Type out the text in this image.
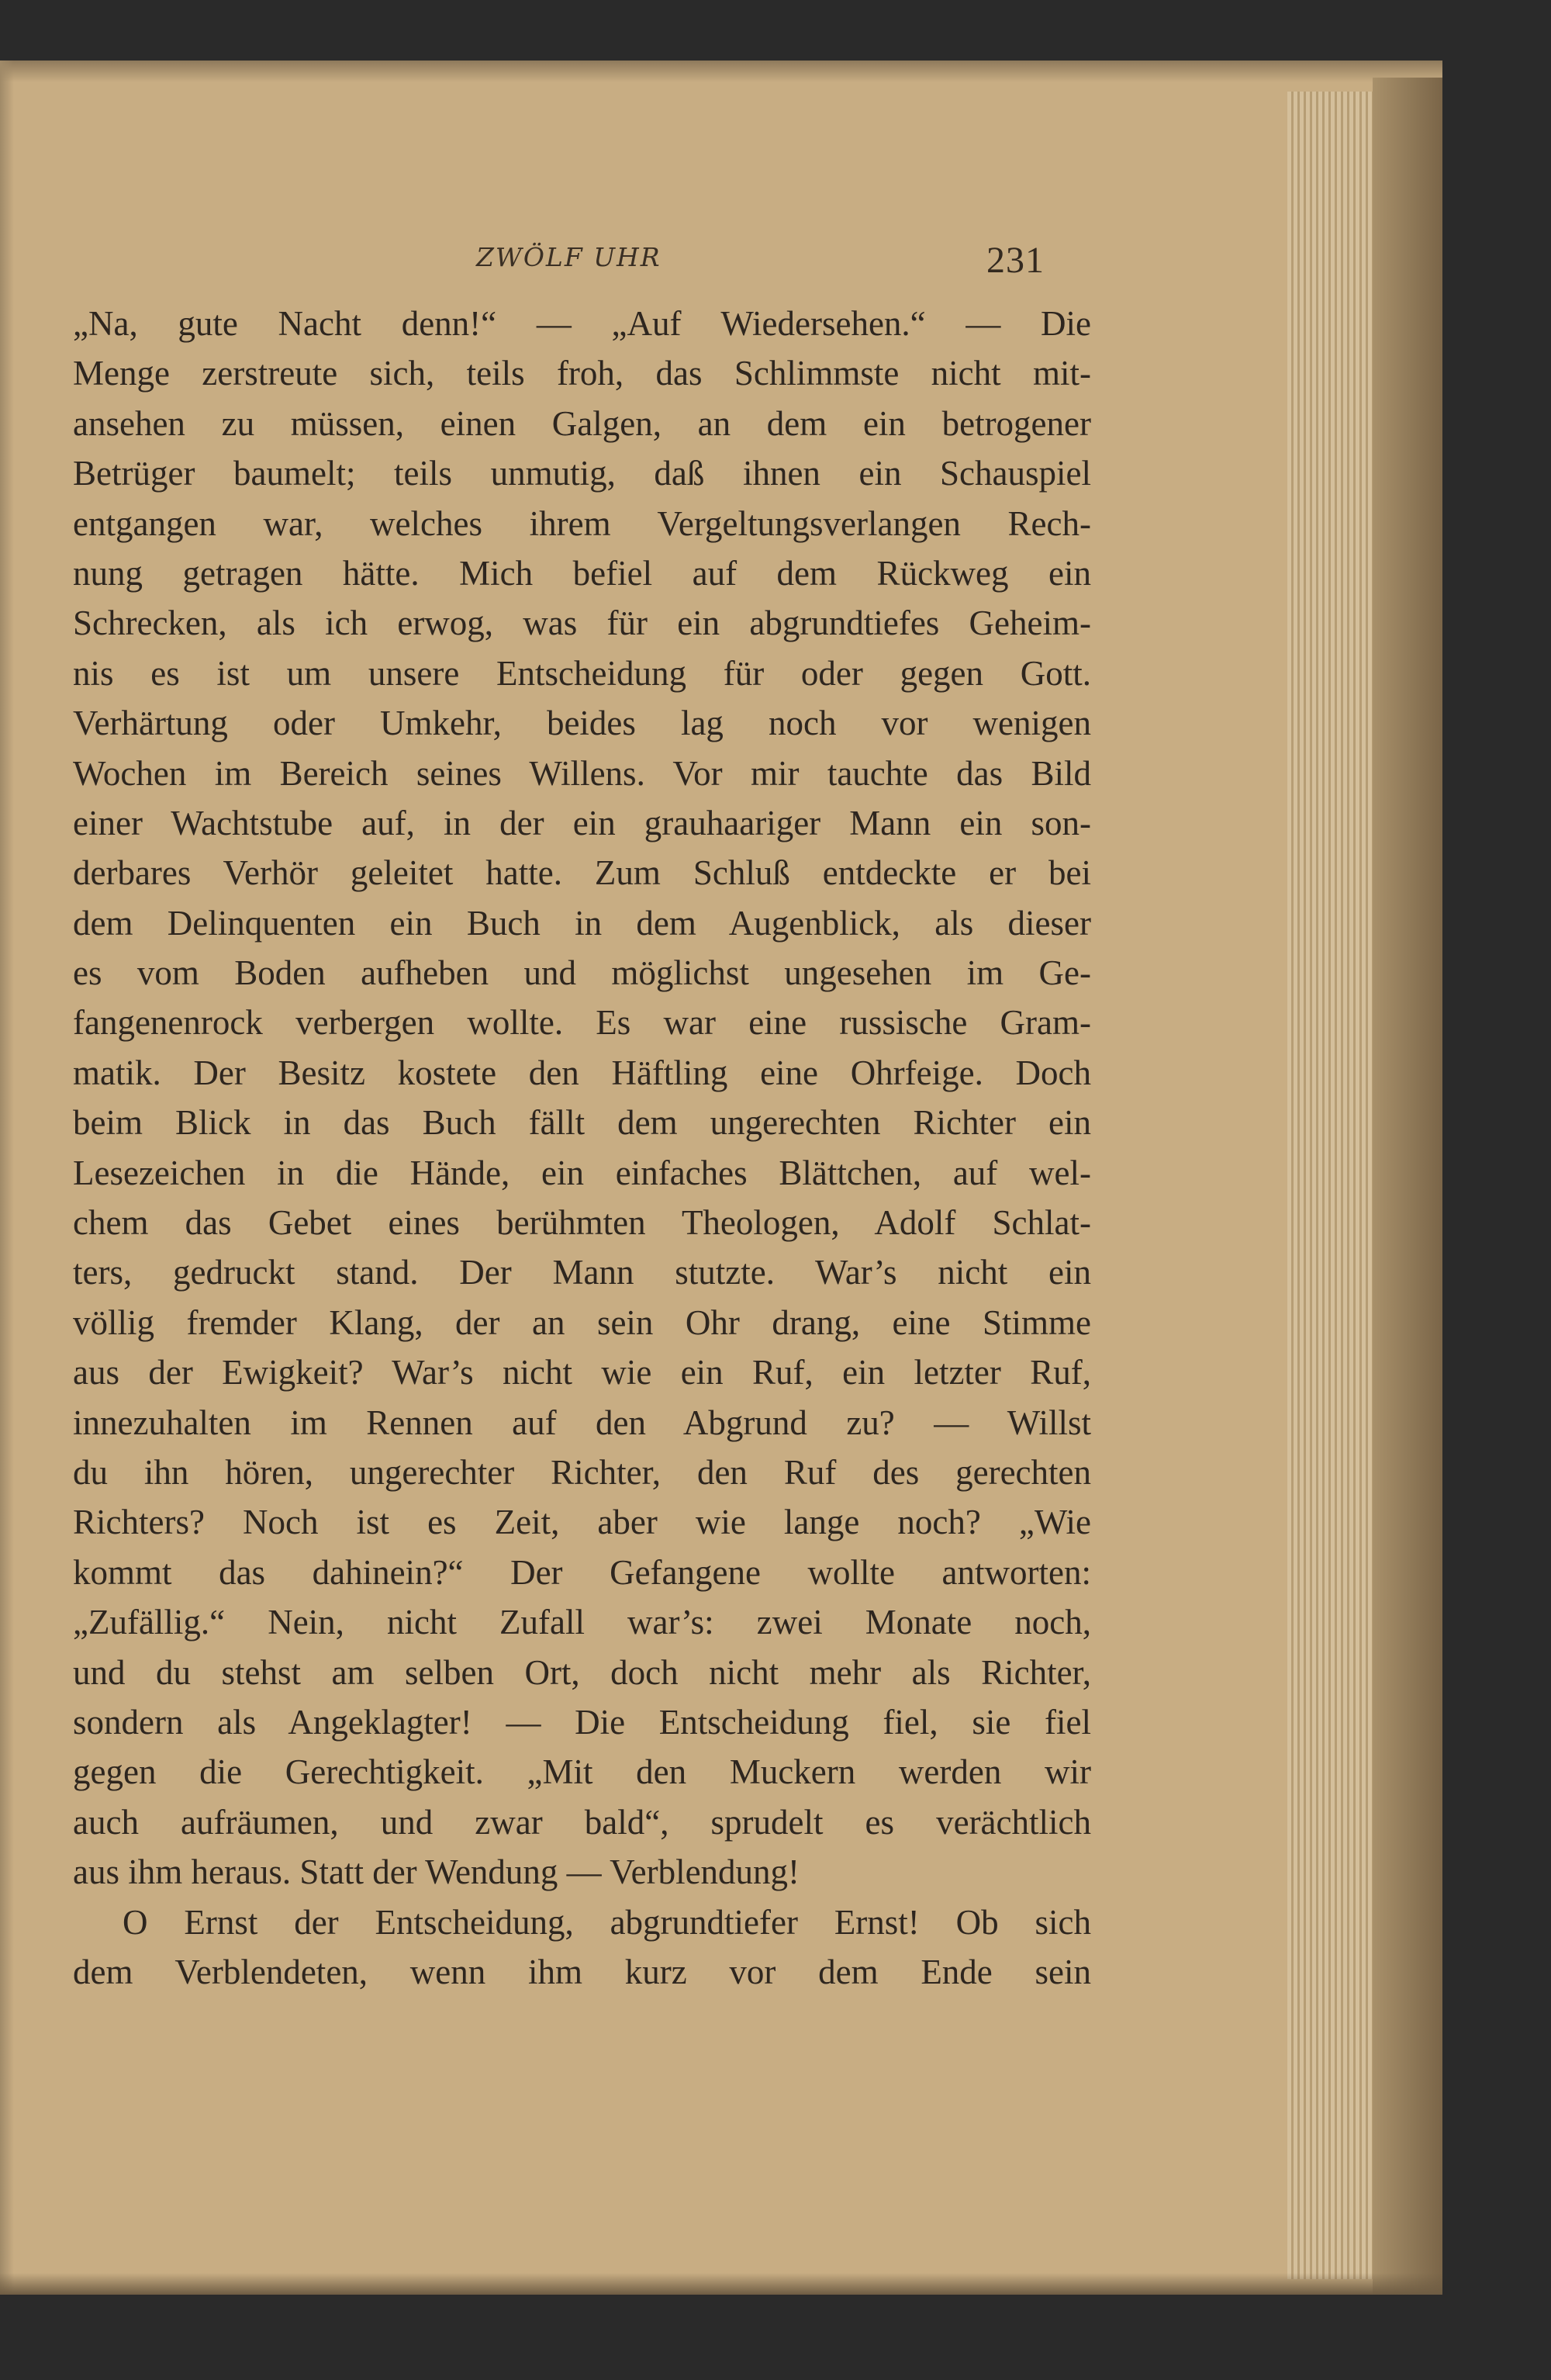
ZWÖLF UHR	231
„Na, gute Nacht denn!“ — „Auf Wiedersehen.“ — Die
Menge zerstreute sich, teils froh, das Schlimmste nicht mit-
ansehen zu müssen, einen Galgen, an dem ein betrogener
Betrüger baumelt; teils unmutig, daß ihnen ein Schauspiel
entgangen war, welches ihrem Vergeltungsverlangen Rech-
nung getragen hätte. Mich befiel auf dem Rückweg ein
Schrecken, als ich erwog, was für ein abgrundtiefes Geheim-
nis es ist um unsere Entscheidung für oder gegen Gott.
Verhärtung oder Umkehr, beides lag noch vor wenigen
Wochen im Bereich seines Willens. Vor mir tauchte das Bild
einer Wachtstube auf, in der ein grauhaariger Mann ein son-
derbares Verhör geleitet hatte. Zum Schluß entdeckte er bei
dem Delinquenten ein Buch in dem Augenblick, als dieser
es vom Boden aufheben und möglichst ungesehen im Ge-
fangenenrock verbergen wollte. Es war eine russische Gram-
matik. Der Besitz kostete den Häftling eine Ohrfeige. Doch
beim Blick in das Buch fällt dem ungerechten Richter ein
Lesezeichen in die Hände, ein einfaches Blättchen, auf wel-
chem das Gebet eines berühmten Theologen, Adolf Schlat-
ters, gedruckt stand. Der Mann stutzte. War’s nicht ein
völlig fremder Klang, der an sein Ohr drang, eine Stimme
aus der Ewigkeit? War’s nicht wie ein Ruf, ein letzter Ruf,
innezuhalten im Rennen auf den Abgrund zu? — Willst
du ihn hören, ungerechter Richter, den Ruf des gerechten
Richters? Noch ist es Zeit, aber wie lange noch? „Wie
kommt das dahinein?“ Der Gefangene wollte antworten:
„Zufällig.“ Nein, nicht Zufall war’s: zwei Monate noch,
und du stehst am selben Ort, doch nicht mehr als Richter,
sondern als Angeklagter! — Die Entscheidung fiel, sie fiel
gegen die Gerechtigkeit. „Mit den Muckern werden wir
auch aufräumen, und zwar bald“, sprudelt es verächtlich
aus ihm heraus. Statt der Wendung — Verblendung!
O Ernst der Entscheidung, abgrundtiefer Ernst! Ob sich
dem Verblendeten, wenn ihm kurz vor dem Ende sein
